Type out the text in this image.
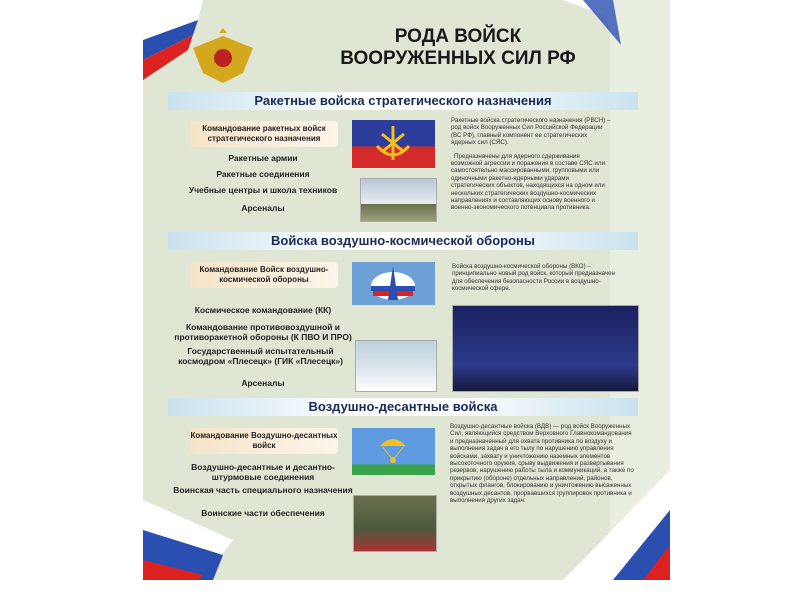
РОДА ВОЙСК
ВООРУЖЕННЫХ СИЛ РФ
Ракетные войска стратегического назначения
Командование ракетных войск стратегического назначения
Ракетные армии
Ракетные соединения
Учебные центры и школа техников
Арсеналы
Ракетные войска стратегического назначения (РВСН) – род войск Вооруженных Сил Российской Федерации (ВС РФ), главный компонент ее стратегических ядерных сил (СЯС).
Предназначены для ядерного сдерживания возможной агрессии и поражения в составе СЯС или самостоятельно массированными, групповыми или одиночными ракетно-ядерными ударами стратегических объектов, находящихся на одном или нескольких стратегических воздушно-космических направлениях и составляющих основу военного и военно-экономического потенциала противника.
Войска воздушно-космической обороны
Командование Войск воздушно-космической обороны
Космическое командование (КК)
Командование противовоздушной и противоракетной обороны (К ПВО И ПРО)
Государственный испытательный космодром «Плесецк» (ГИК «Плесецк»)
Арсеналы
Войска воздушно-космической обороны (ВКО) – принципиально новый род войск, который предназначен для обеспечения безопасности России в воздушно-космической сфере.
Воздушно-десантные войска
Командование Воздушно-десантных войск
Воздушно-десантные и десантно-штурмовые соединения
Воинская часть специального назначения
Воинские части обеспечения
Воздушно-десантные войска (ВДВ) — род войск Вооруженных Сил, являющийся средством Верховного Главнокомандования и предназначенный для охвата противника по воздуху и выполнения задач в его тылу по нарушению управления войсками, захвату и уничтожению наземных элементов высокоточного оружия, срыву выдвижения и развертывания резервов, нарушению работы тыла и коммуникаций, а также по прикрытию (обороне) отдельных направлений, районов, открытых флангов, блокированию и уничтожению высаженных воздушных десантов, прорвавшихся группировок противника и выполнения других задач.
